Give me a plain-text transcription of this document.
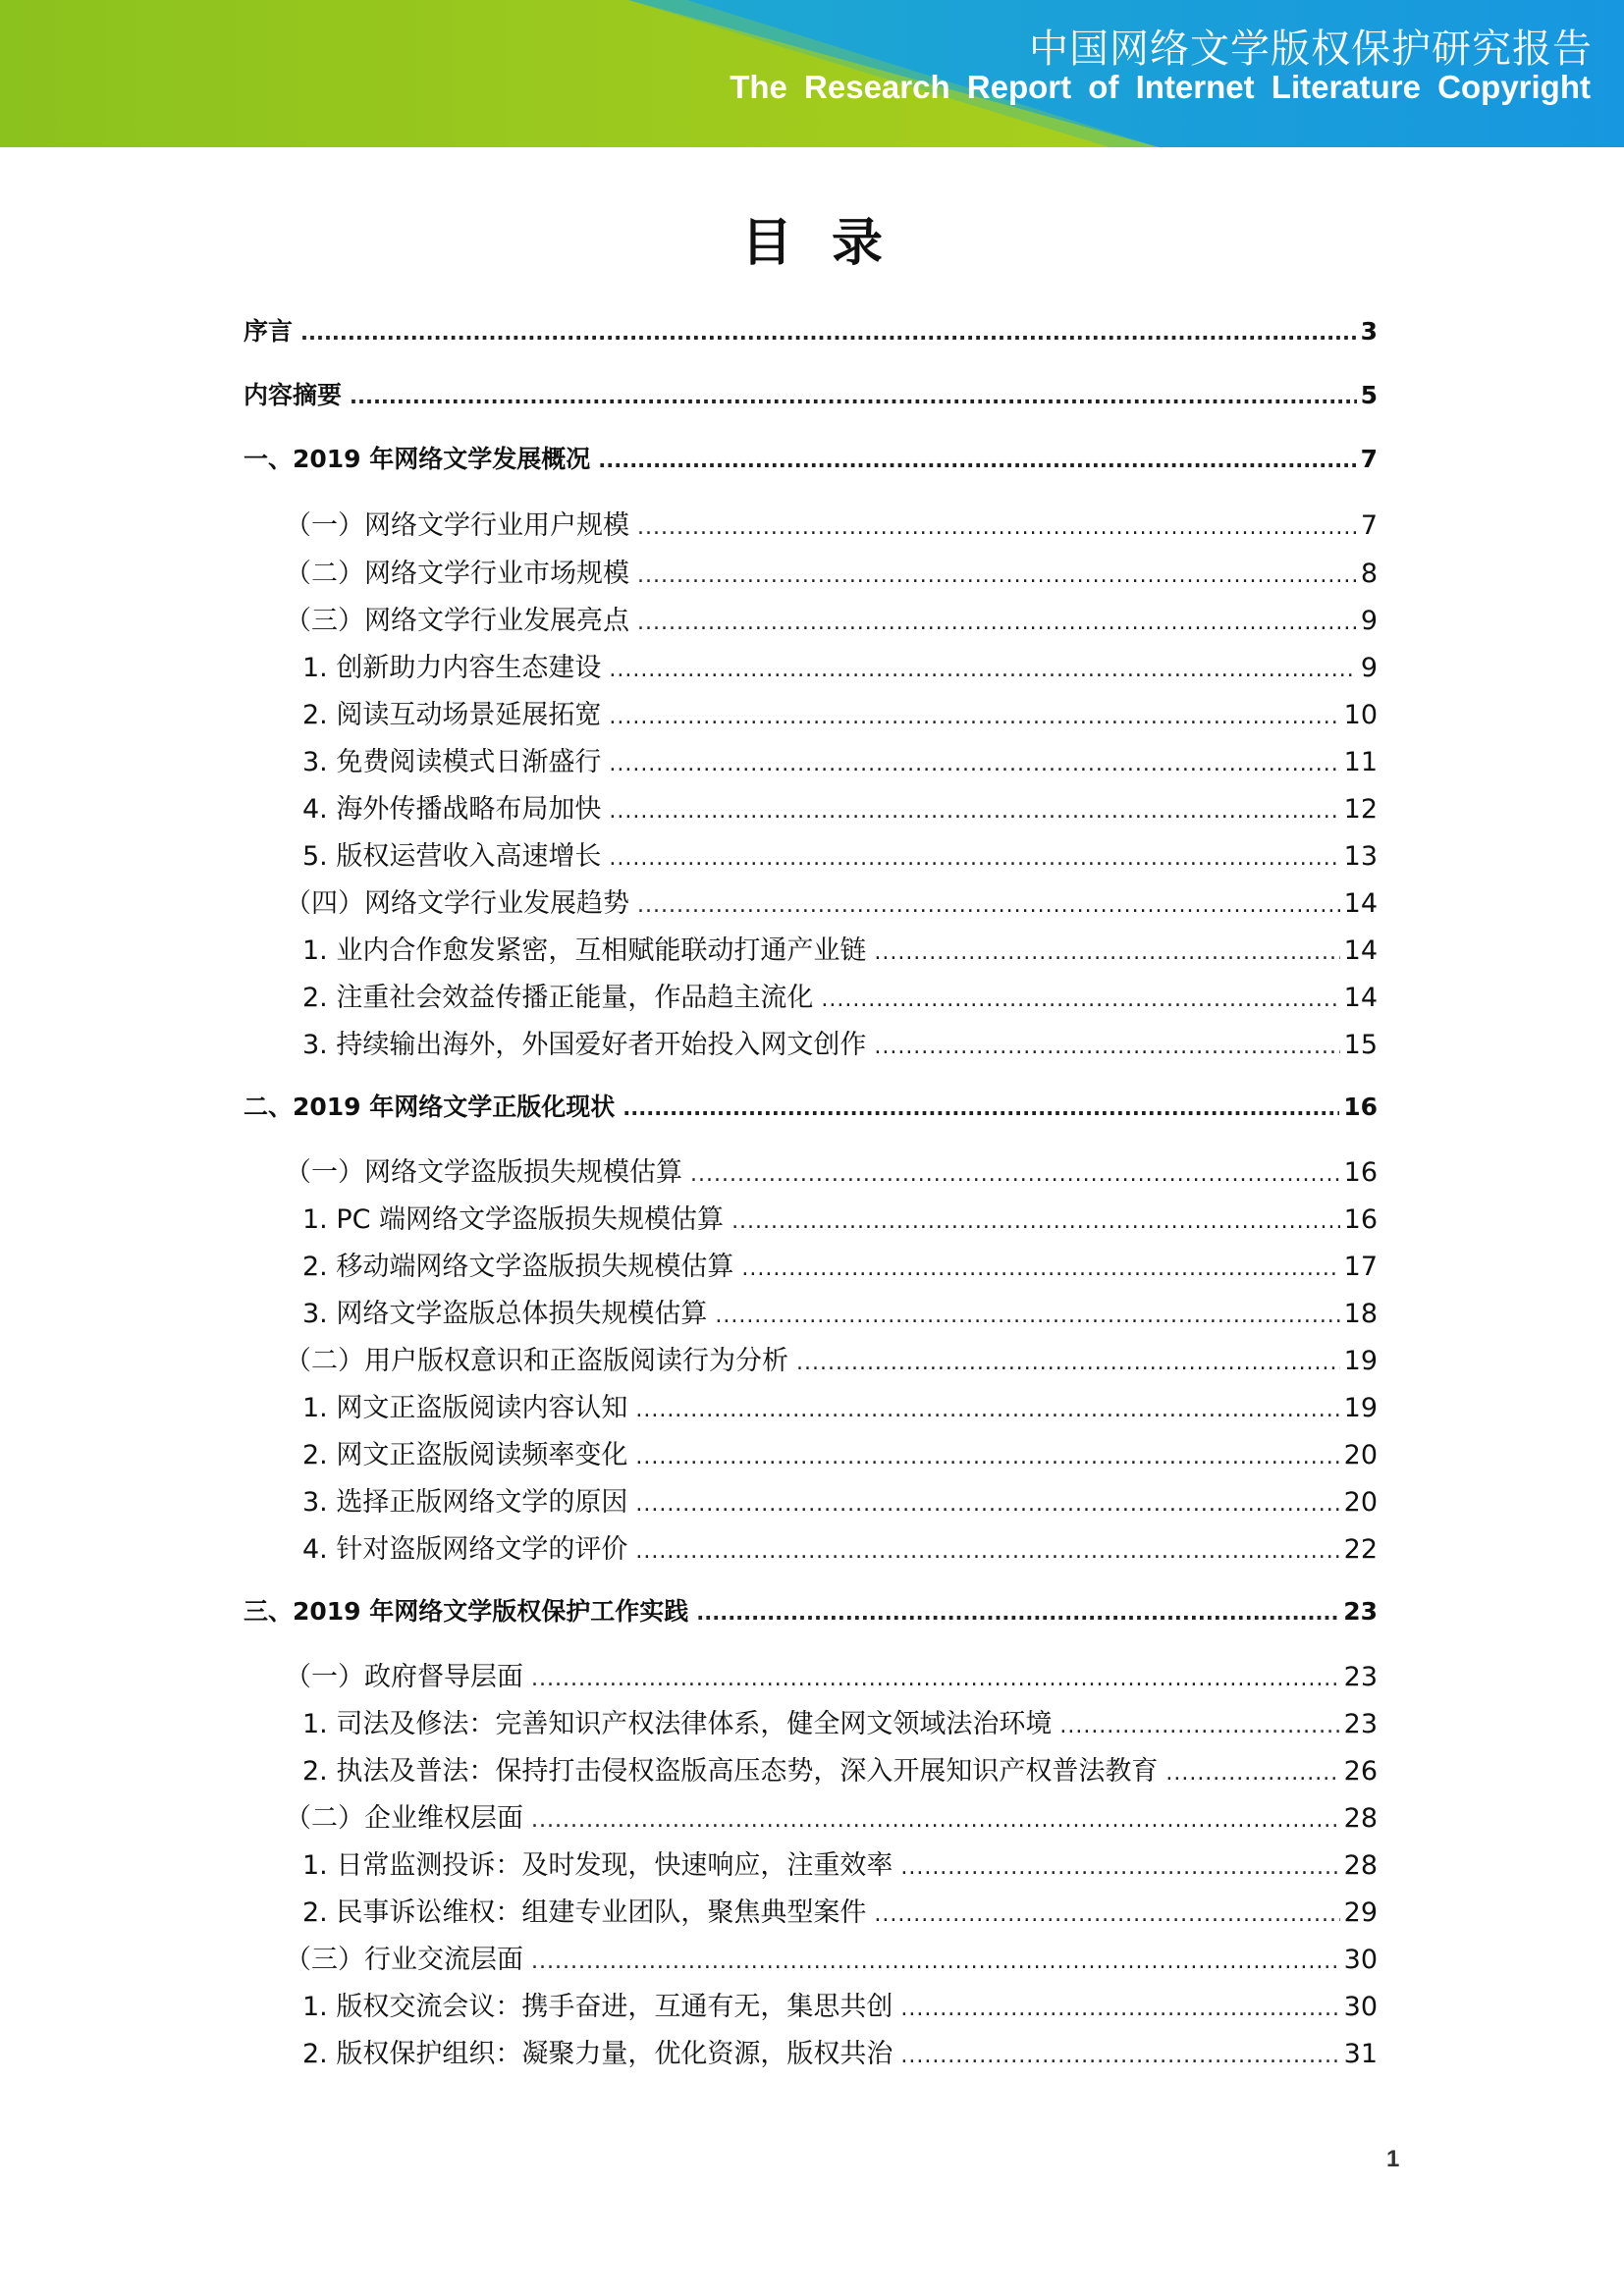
中国网络文学版权保护研究报告
The Research Report of Internet Literature Copyright
目录
序言 .....	3
内容摘要 .....	5
一、2019 年网络文学发展概况 .....	7
（一）网络文学行业用户规模 .....	7
（二）网络文学行业市场规模 .....	8
（三）网络文学行业发展亮点 .....	9
1. 创新助力内容生态建设 .....	9
2. 阅读互动场景延展拓宽 .....	10
3. 免费阅读模式日渐盛行 .....	11
4. 海外传播战略布局加快 .....	12
5. 版权运营收入高速增长 .....	13
（四）网络文学行业发展趋势 .....	14
1. 业内合作愈发紧密，互相赋能联动打通产业链 .....	14
2. 注重社会效益传播正能量，作品趋主流化 .....	14
3. 持续输出海外，外国爱好者开始投入网文创作 .....	15
二、2019 年网络文学正版化现状 .....	16
（一）网络文学盗版损失规模估算 .....	16
1. PC 端网络文学盗版损失规模估算 .....	16
2. 移动端网络文学盗版损失规模估算 .....	17
3. 网络文学盗版总体损失规模估算 .....	18
（二）用户版权意识和正盗版阅读行为分析 .....	19
1. 网文正盗版阅读内容认知 .....	19
2. 网文正盗版阅读频率变化 .....	20
3. 选择正版网络文学的原因 .....	20
4. 针对盗版网络文学的评价 .....	22
三、2019 年网络文学版权保护工作实践 .....	23
（一）政府督导层面 .....	23
1. 司法及修法：完善知识产权法律体系，健全网文领域法治环境 .....	23
2. 执法及普法：保持打击侵权盗版高压态势，深入开展知识产权普法教育 .....	26
（二）企业维权层面 .....	28
1. 日常监测投诉：及时发现，快速响应，注重效率 .....	28
2. 民事诉讼维权：组建专业团队，聚焦典型案件 .....	29
（三）行业交流层面 .....	30
1. 版权交流会议：携手奋进，互通有无，集思共创 .....	30
2. 版权保护组织：凝聚力量，优化资源，版权共治 .....	31
1
